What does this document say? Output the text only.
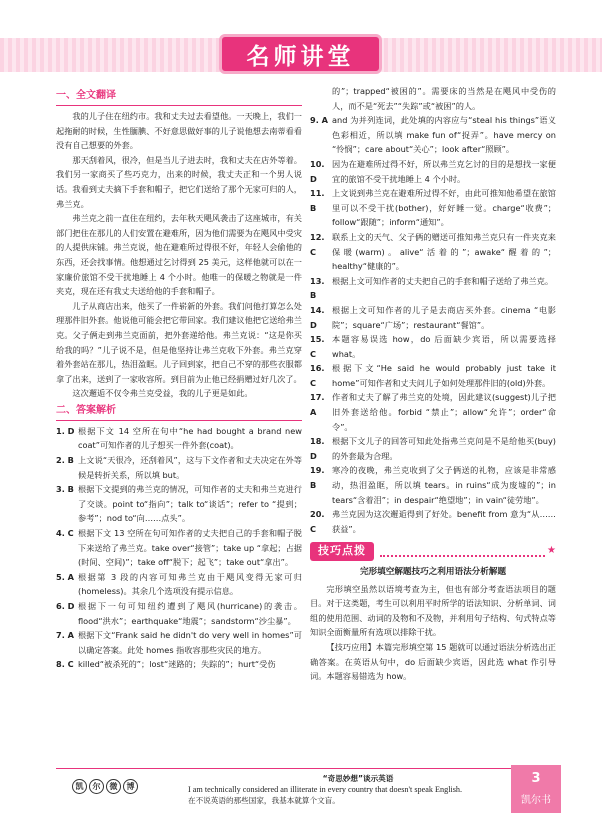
名师讲堂
一、全文翻译

我的儿子住在纽约市。我和丈夫过去看望他。一天晚上，我们一起拖耐的时候，生性腼腆、不好意思做好事的儿子说他想去南蒂看看没有自己想要的外套。

那天刮着风，很冷，但是当儿子进去时，我和丈夫在店外等着。我们另一家商买了些巧克力，出来的时候，我丈夫正和一个男人说话。我看到丈夫摘下手套和帽子，把它们送给了那个无家可归的人，弗兰克。

弗兰克之前一直住在纽约，去年秋天飓风袭击了这座城市，有关部门把住在那儿的人们安置在避难所，因为他们需要为在飓风中受灾的人提供床铺。弗兰克说，他在避难所过得很不好，年轻人会偷他的东西，还会找事情。他想通过乞讨得到 25 美元，这样他就可以在一家廉价旅馆不受干扰地睡上 4 个小时。他唯一的保暖之物就是一件夹克，现在还有我丈夫送给他的手套和帽子。

儿子从商店出来，他买了一件崭新的外套。我们问他打算怎么处理那件旧外套。他说他可能会把它带回家。我们建议他把它送给弗兰克。父子俩走到弗兰克面前，把外套递给他。弗兰克说：“这是你买给我的吗？”儿子说不是，但是他坚持让弗兰克收下外套。弗兰克穿着外套站在那儿，热泪盈眶。儿子回到家，把自己不穿的那些衣服都拿了出来，送到了一家收容所。到目前为止他已经捐赠过好几次了。

这次邂逅不仅令弗兰克受益，我的儿子更是如此。

二、答案解析
1. D 根据下文 14 空所在句中“he had bought a brand new coat”可知作者的儿子想买一件外套(coat)。
2. B 上文说“天很冷，还刮着风”，这与下文作者和丈夫决定在外等候是转折关系，所以填 but。
3. B 根据下文提到的弗兰克的情况，可知作者的丈夫和弗兰克进行了交谈。point to“指向”；talk to“谈话”；refer to “提到；参考”；nod to“向……点头”。
4. C 根据下文 13 空所在句可知作者的丈夫把自己的手套和帽子脱下来送给了弗兰克。take over“接管”；take up “拿起；占据(时间、空间)”；take off“脱下；起飞”；take out“拿出”。
5. A 根据第 3 段的内容可知弗兰克由于飓风变得无家可归(homeless)。其余几个选项没有提示信息。
6. D 根据下一句可知纽约遭到了飓风(hurricane)的袭击。flood“洪水”；earthquake“地震”；sandstorm“沙尘暴”。
7. A 根据下文“Frank said he didn't do very well in homes”可以确定答案。此处 homes 指收容那些灾民的地方。
8. C killed“被杀死的”；lost“迷路的；失踪的”；hurt“受伤

的”；trapped“被困的”。需要床的当然是在飓风中受伤的人，而不是“死去”“失踪”或“被困”的人。

9. A and 为并列连词，此处填的内容应与“steal his things”语义色彩相近，所以填 make fun of“捉弄”。have mercy on “怜悯”；care about“关心”；look after“照顾”。
10. D
因为在避难所过得不好，所以弗兰克乞讨的目的是想找一家便宜的旅馆不受干扰地睡上 4 个小时。
11. B
上文说到弗兰克在避难所过得不好，由此可推知他希望在旅馆里可以不受干扰(bother)，好好睡一觉。charge“收费”；follow“跟随”；inform“通知”。
12. C
联系上文的天气、父子俩的赠送可推知弗兰克只有一件夹克来保暖(warm)。alive“活着的”；awake“醒着的”；healthy“健康的”。
13. B
根据上文可知作者的丈夫把自己的手套和帽子送给了弗兰克。
14. D
根据上文可知作者的儿子是去商店买外套。cinema “电影院”；square“广场”；restaurant“餐馆”。
15. C
本题容易误选 how，do 后面缺少宾语，所以需要选择 what。
16. C
根据下文“He said he would probably just take it home”可知作者和丈夫问儿子如何处理那件旧的(old)外套。
17. A
作者和丈夫了解了弗兰克的处境，因此建议(suggest)儿子把旧外套送给他。forbid “禁止”；allow“允许”；order“命令”。
18. D
根据下文儿子的回答可知此处指弗兰克问是不是给他买(buy)的外套最为合理。
19. B
寒冷的夜晚，弗兰克收到了父子俩送的礼物，应该是非常感动，热泪盈眶，所以填 tears。in ruins“成为废墟的”；in tears“含着泪”；in despair“绝望地”；in vain“徒劳地”。
20. C
弗兰克因为这次邂逅得到了好处。benefit from 意为“从……获益”。
技巧点拨	★
完形填空解题技巧之利用语法分析解题

完形填空虽然以语境考查为主，但也有部分考查语法项目的题目。对于这类题，考生可以利用平时所学的语法知识、分析单词、词组的使用范围、动词的及物和不及物，并利用句子结构、句式特点等知识全面衡量所有选项以排除干扰。

【技巧应用】本篇完形填空第 15 题就可以通过语法分析选出正确答案。在英语从句中，do 后面缺少宾语，因此选 what 作引导词。本题容易错选为 how。

凯 尔 微 博
“奇思妙想”谈示英语
I am technically considered an illiterate in every country that doesn't speak English.
在不说英语的那些国家，我基本就算个文盲。
3
凯尔书
